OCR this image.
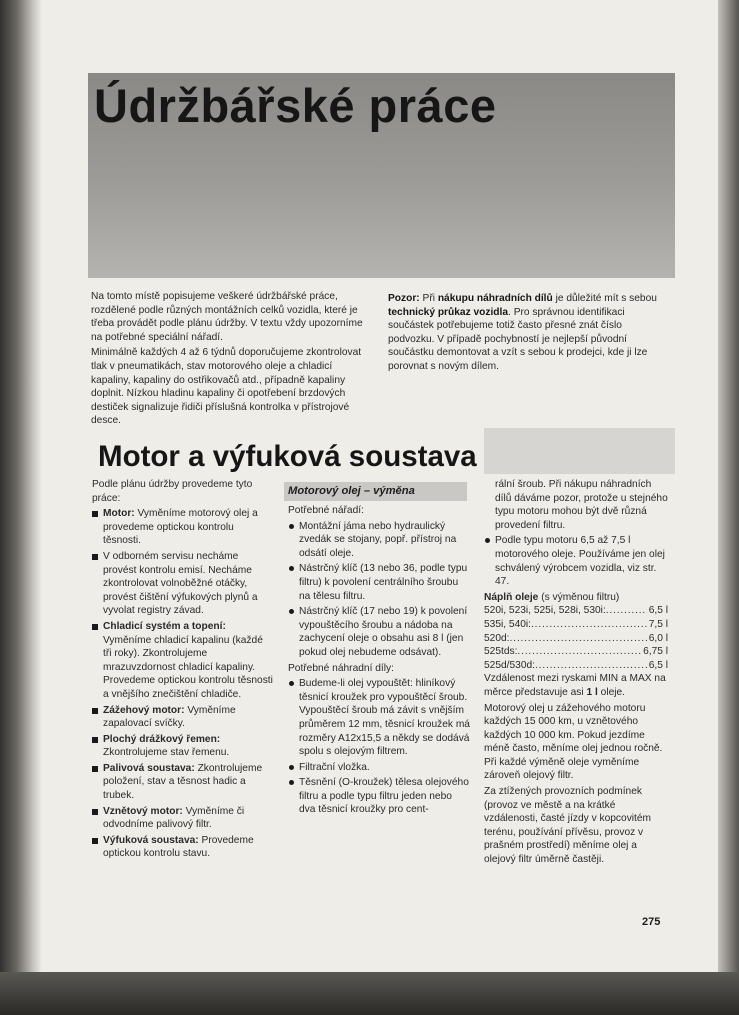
Údržbářské práce

Na tomto místě popisujeme veškeré údržbářské práce, rozdělené podle různých montážních celků vozidla, které je třeba provádět podle plánu údržby. V textu vždy upozorníme na potřebné speciální nářadí.

Minimálně každých 4 až 6 týdnů doporučujeme zkontrolovat tlak v pneumatikách, stav motorového oleje a chladicí kapaliny, kapaliny do ostřikovačů atd., případně kapaliny doplnit. Nízkou hladinu kapaliny či opotřebení brzdových destiček signalizuje řidiči příslušná kontrolka v přístrojové desce.

Pozor: Při nákupu náhradních dílů je důležité mít s sebou technický průkaz vozidla. Pro správnou identifikaci součástek potřebujeme totiž často přesné znát číslo podvozku. V případě pochybností je nejlepší původní součástku demontovat a vzít s sebou k prodejci, kde ji lze porovnat s novým dílem.

Motor a výfuková soustava

Podle plánu údržby provedeme tyto práce:

Motor: Vyměníme motorový olej a provedeme optickou kontrolu těsnosti.
V odborném servisu necháme provést kontrolu emisí. Necháme zkontrolovat volnoběžné otáčky, provést čištění výfukových plynů a vyvolat registry závad.
Chladicí systém a topení: Vyměníme chladicí kapalinu (každé tři roky). Zkontrolujeme mrazuvzdornost chladicí kapaliny. Provedeme optickou kontrolu těsnosti a vnějšího znečištění chladiče.
Zážehový motor: Vyměníme zapalovací svíčky.
Plochý drážkový řemen: Zkontrolujeme stav řemenu.
Palivová soustava: Zkontrolujeme položení, stav a těsnost hadic a trubek.
Vznětový motor: Vyměníme či odvodníme palivový filtr.
Výfuková soustava: Provedeme optickou kontrolu stavu.
Motorový olej – výměna

Potřebné nářadí:

Montážní jáma nebo hydraulický zvedák se stojany, popř. přístroj na odsátí oleje.
Nástrčný klíč (13 nebo 36, podle typu filtru) k povolení centrálního šroubu na tělesu filtru.
Nástrčný klíč (17 nebo 19) k povolení vypouštěcího šroubu a nádoba na zachycení oleje o obsahu asi 8 l (jen pokud olej nebudeme odsávat).

Potřebné náhradní díly:

Budeme-li olej vypouštět: hliníkový těsnicí kroužek pro vypouštěcí šroub. Vypouštěcí šroub má závit s vnějším průměrem 12 mm, těsnicí kroužek má rozměry A12x15,5 a někdy se dodává spolu s olejovým filtrem.
Filtrační vložka.
Těsnění (O-kroužek) tělesa olejového filtru a podle typu filtru jeden nebo dva těsnicí kroužky pro cent-

rální šroub. Při nákupu náhradních dílů dáváme pozor, protože u stejného typu motoru mohou být dvě různá provedení filtru.

Podle typu motoru 6,5 až 7,5 l motorového oleje. Používáme jen olej schválený výrobcem vozidla, viz str. 47.

Náplň oleje (s výměnou filtru)

520i, 523i, 525i, 528i, 530i: . . .	6,5 l
535i, 540i: . . .	7,5 l
520d: . . .	6,0 l
525tds: . . .	6,75 l
525d/530d: . . .	6,5 l

Vzdálenost mezi ryskami MIN a MAX na měrce představuje asi 1 l oleje.

Motorový olej u zážehového motoru každých 15 000 km, u vznětového každých 10 000 km. Pokud jezdíme méně často, měníme olej jednou ročně. Při každé výměně oleje vyměníme zároveň olejový filtr.

Za ztížených provozních podmínek (provoz ve městě a na krátké vzdálenosti, časté jízdy v kopcovitém terénu, používání přívěsu, provoz v prašném prostředí) měníme olej a olejový filtr úměrně častěji.

275
